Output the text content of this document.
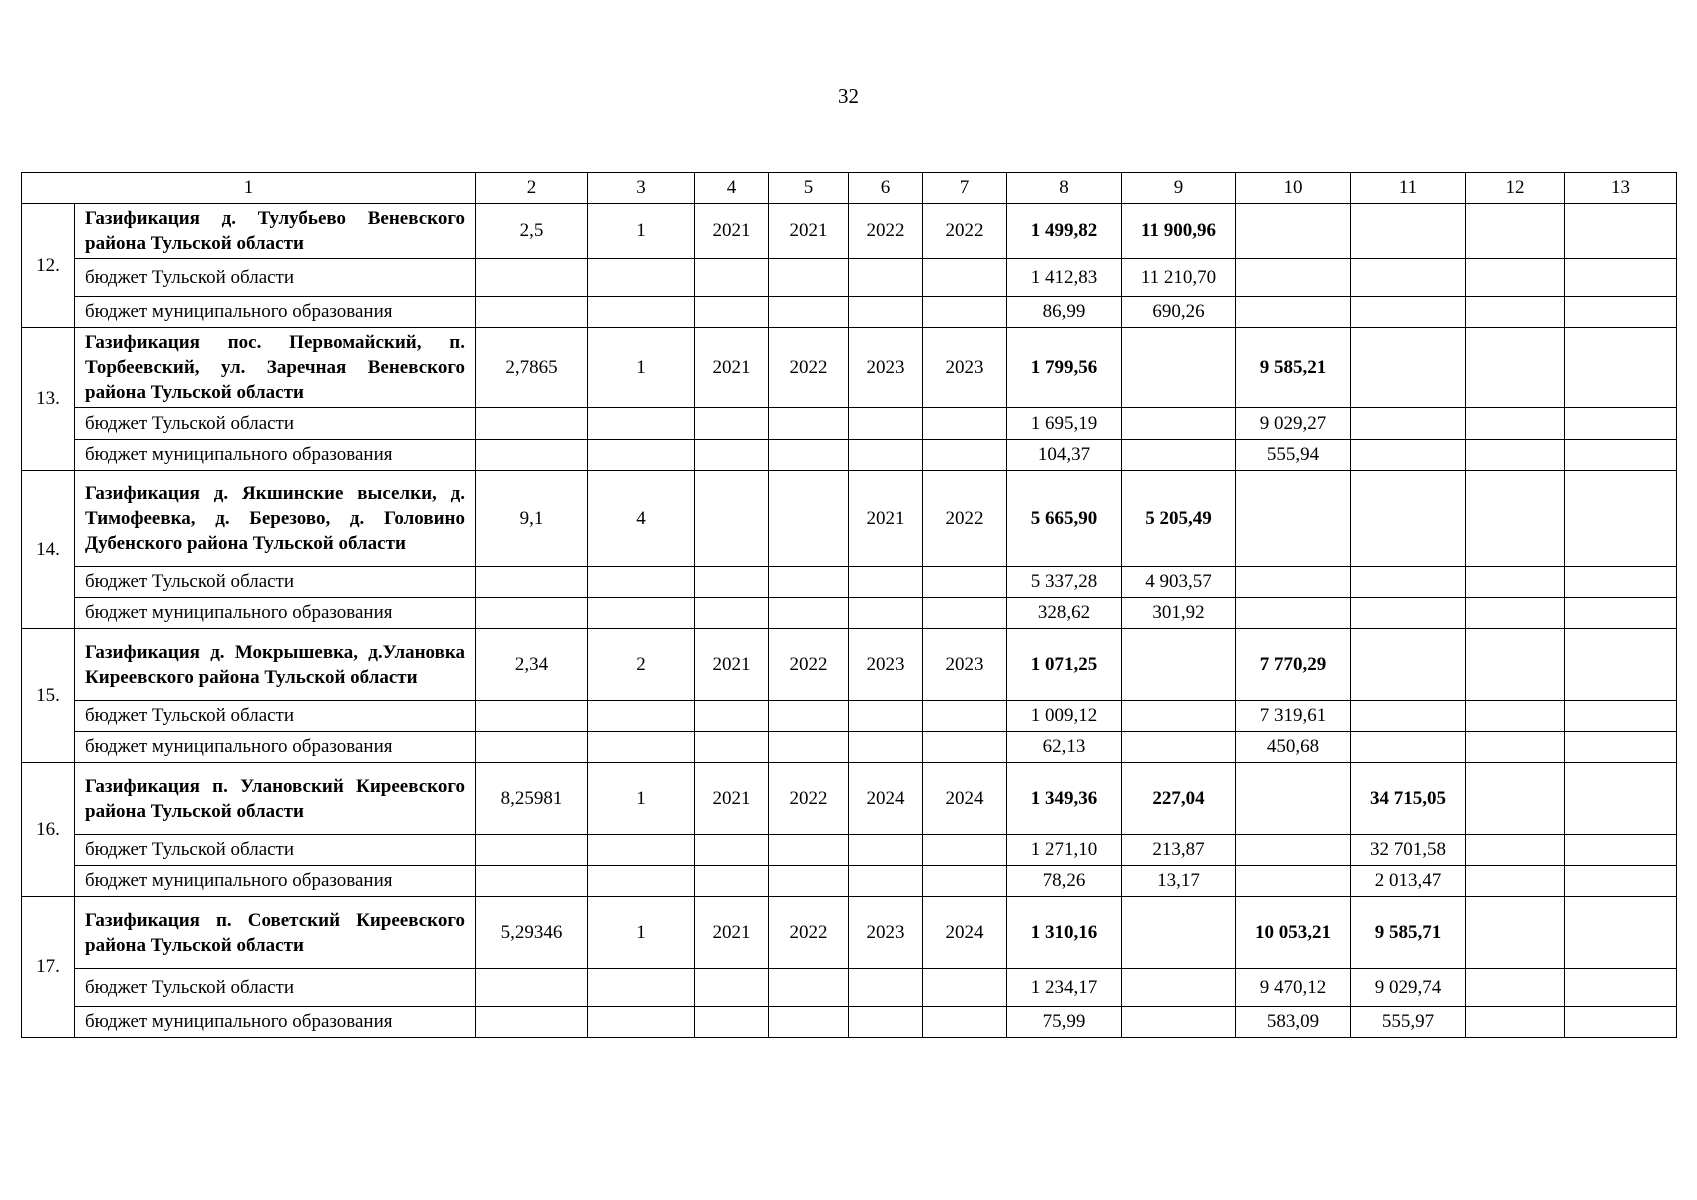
32
1		2	3	4	5	6	7	8	9	10	11	12	13
12.	Газификация д. Тулубьево Веневского района Тульской области	2,5	1	2021	2021	2022	2022	1 499,82	11 900,96				
	бюджет Тульской области							1 412,83	11 210,70				
	бюджет муниципального образования							86,99	690,26				
13.	Газификация пос. Первомайский, п. Торбеевский, ул. Заречная Веневского района Тульской области	2,7865	1	2021	2022	2023	2023	1 799,56		9 585,21			
	бюджет Тульской области							1 695,19		9 029,27			
	бюджет муниципального образования							104,37		555,94			
14.	Газификация д. Якшинские выселки, д. Тимофеевка, д. Березово, д. Головино Дубенского района Тульской области	9,1	4			2021	2022	5 665,90	5 205,49				
	бюджет Тульской области							5 337,28	4 903,57				
	бюджет муниципального образования							328,62	301,92				
15.	Газификация д. Мокрышевка, д.Улановка Киреевского района Тульской области	2,34	2	2021	2022	2023	2023	1 071,25		7 770,29			
	бюджет Тульской области							1 009,12		7 319,61			
	бюджет муниципального образования							62,13		450,68			
16.	Газификация п. Улановский Киреевского района Тульской области	8,25981	1	2021	2022	2024	2024	1 349,36	227,04		34 715,05		
	бюджет Тульской области							1 271,10	213,87		32 701,58		
	бюджет муниципального образования							78,26	13,17		2 013,47		
17.	Газификация п. Советский Киреевского района Тульской области	5,29346	1	2021	2022	2023	2024	1 310,16		10 053,21	9 585,71		
	бюджет Тульской области							1 234,17		9 470,12	9 029,74		
	бюджет муниципального образования							75,99		583,09	555,97		
